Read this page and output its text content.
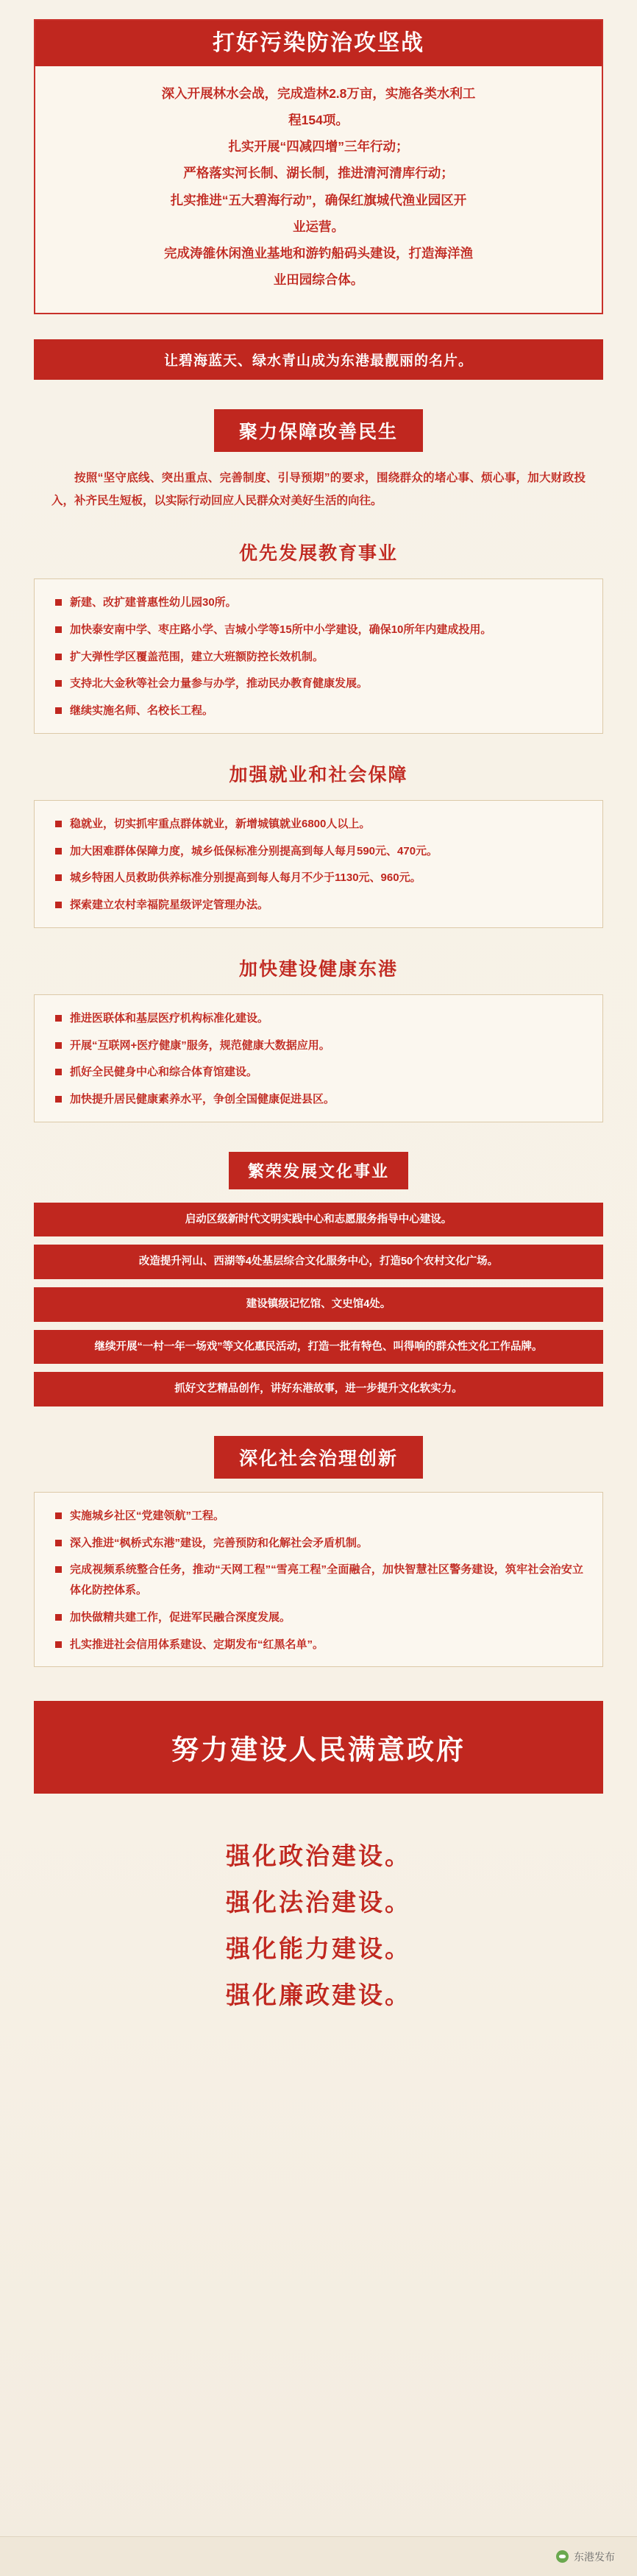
打好污染防治攻坚战

深入开展林水会战，完成造林2.8万亩，实施各类水利工

程154项。

扎实开展“四减四增”三年行动；

严格落实河长制、湖长制，推进清河清库行动；

扎实推进“五大碧海行动”，确保红旗城代渔业园区开

业运营。

完成涛雒休闲渔业基地和游钓船码头建设，打造海洋渔

业田园综合体。

让碧海蓝天、绿水青山成为东港最靓丽的名片。
聚力保障改善民生
按照“坚守底线、突出重点、完善制度、引导预期”的要求，围绕群众的堵心事、烦心事，加大财政投入，补齐民生短板，以实际行动回应人民群众对美好生活的向往。
优先发展教育事业
新建、改扩建普惠性幼儿园30所。
加快泰安南中学、枣庄路小学、吉城小学等15所中小学建设，确保10所年内建成投用。
扩大弹性学区覆盖范围，建立大班额防控长效机制。
支持北大金秋等社会力量参与办学，推动民办教育健康发展。
继续实施名师、名校长工程。
加强就业和社会保障
稳就业，切实抓牢重点群体就业，新增城镇就业6800人以上。
加大困难群体保障力度，城乡低保标准分别提高到每人每月590元、470元。
城乡特困人员救助供养标准分别提高到每人每月不少于1130元、960元。
探索建立农村幸福院星级评定管理办法。
加快建设健康东港
推进医联体和基层医疗机构标准化建设。
开展“互联网+医疗健康”服务，规范健康大数据应用。
抓好全民健身中心和综合体育馆建设。
加快提升居民健康素养水平，争创全国健康促进县区。
繁荣发展文化事业
启动区级新时代文明实践中心和志愿服务指导中心建设。
改造提升河山、西湖等4处基层综合文化服务中心，打造50个农村文化广场。
建设镇级记忆馆、文史馆4处。
继续开展“一村一年一场戏”等文化惠民活动，打造一批有特色、叫得响的群众性文化工作品牌。
抓好文艺精品创作，讲好东港故事，进一步提升文化软实力。
深化社会治理创新
实施城乡社区“党建领航”工程。
深入推进“枫桥式东港”建设，完善预防和化解社会矛盾机制。
完成视频系统整合任务，推动“天网工程”“雪亮工程”全面融合，加快智慧社区警务建设，筑牢社会治安立体化防控体系。
加快做精共建工作，促进军民融合深度发展。
扎实推进社会信用体系建设、定期发布“红黑名单”。
努力建设人民满意政府
强化政治建设。
强化法治建设。
强化能力建设。
强化廉政建设。
东港发布
